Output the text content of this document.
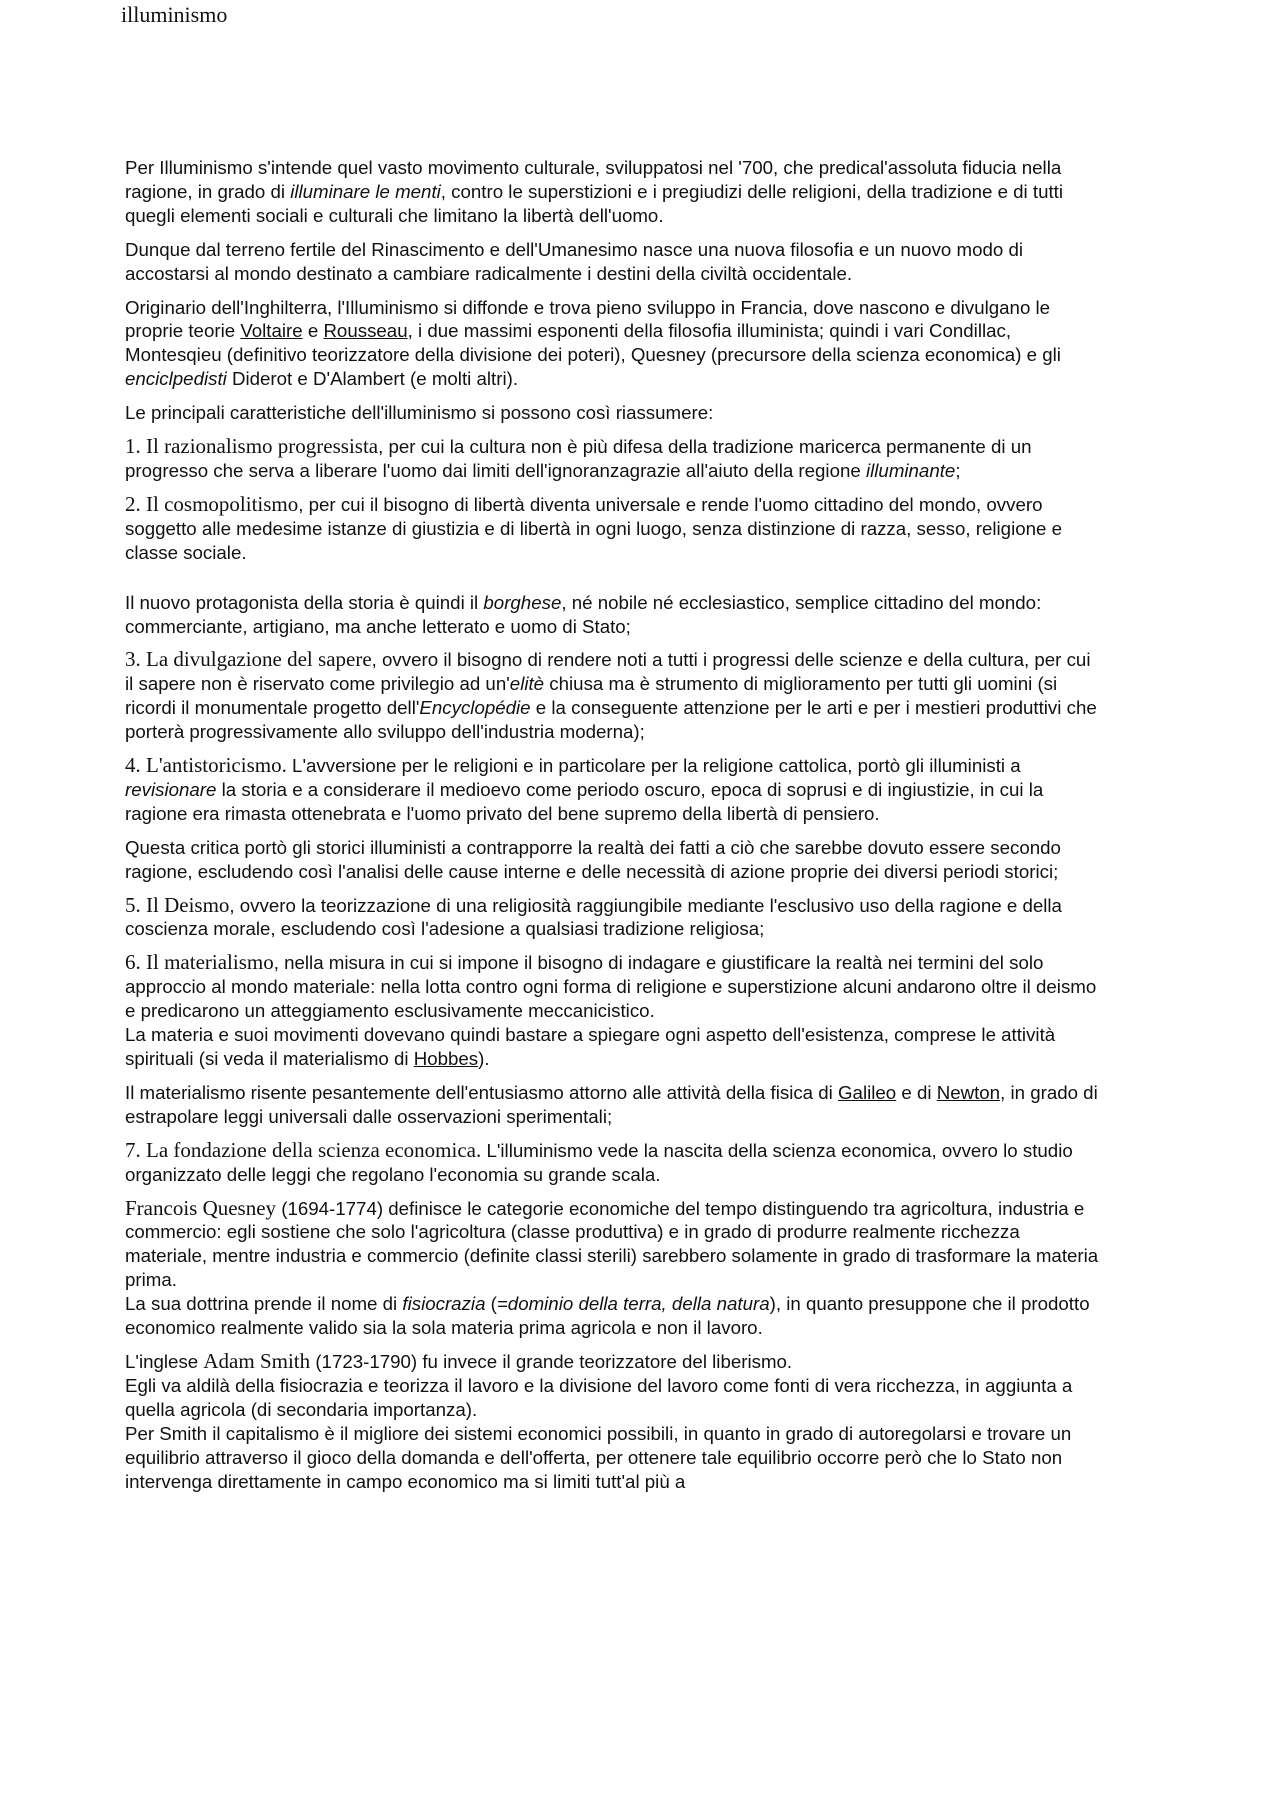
illuminismo

Per Illuminismo s'intende quel vasto movimento culturale, sviluppatosi nel '700, che predical'assoluta fiducia nella ragione, in grado di illuminare le menti, contro le superstizioni e i pregiudizi delle religioni, della tradizione e di tutti quegli elementi sociali e culturali che limitano la libertà dell'uomo.

Dunque dal terreno fertile del Rinascimento e dell'Umanesimo nasce una nuova filosofia e un nuovo modo di accostarsi al mondo destinato a cambiare radicalmente i destini della civiltà occidentale.

Originario dell'Inghilterra, l'Illuminismo si diffonde e trova pieno sviluppo in Francia, dove nascono e divulgano le proprie teorie Voltaire e Rousseau, i due massimi esponenti della filosofia illuminista; quindi i vari Condillac, Montesqieu (definitivo teorizzatore della divisione dei poteri), Quesney (precursore della scienza economica) e gli enciclpedisti Diderot e D'Alambert (e molti altri).

Le principali caratteristiche dell'illuminismo si possono così riassumere:

1. Il razionalismo progressista, per cui la cultura non è più difesa della tradizione maricerca permanente di un progresso che serva a liberare l'uomo dai limiti dell'ignoranzagrazie all'aiuto della regione illuminante;

2. Il cosmopolitismo, per cui il bisogno di libertà diventa universale e rende l'uomo cittadino del mondo, ovvero soggetto alle medesime istanze di giustizia e di libertà in ogni luogo, senza distinzione di razza, sesso, religione e classe sociale.

Il nuovo protagonista della storia è quindi il borghese, né nobile né ecclesiastico, semplice cittadino del mondo: commerciante, artigiano, ma anche letterato e uomo di Stato;

3. La divulgazione del sapere, ovvero il bisogno di rendere noti a tutti i progressi delle scienze e della cultura, per cui il sapere non è riservato come privilegio ad un'elitè chiusa ma è strumento di miglioramento per tutti gli uomini (si ricordi il monumentale progetto dell'Encyclopédie e la conseguente attenzione per le arti e per i mestieri produttivi che porterà progressivamente allo sviluppo dell'industria moderna);

4. L'antistoricismo. L'avversione per le religioni e in particolare per la religione cattolica, portò gli illuministi a revisionare la storia e a considerare il medioevo come periodo oscuro, epoca di soprusi e di ingiustizie, in cui la ragione era rimasta ottenebrata e l'uomo privato del bene supremo della libertà di pensiero.

Questa critica portò gli storici illuministi a contrapporre la realtà dei fatti a ciò che sarebbe dovuto essere secondo ragione, escludendo così l'analisi delle cause interne e delle necessità di azione proprie dei diversi periodi storici;

5. Il Deismo, ovvero la teorizzazione di una religiosità raggiungibile mediante l'esclusivo uso della ragione e della coscienza morale, escludendo così l'adesione a qualsiasi tradizione religiosa;

6. Il materialismo, nella misura in cui si impone il bisogno di indagare e giustificare la realtà nei termini del solo approccio al mondo materiale: nella lotta contro ogni forma di religione e superstizione alcuni andarono oltre il deismo e predicarono un atteggiamento esclusivamente meccanicistico.
La materia e suoi movimenti dovevano quindi bastare a spiegare ogni aspetto dell'esistenza, comprese le attività spirituali (si veda il materialismo di Hobbes).

Il materialismo risente pesantemente dell'entusiasmo attorno alle attività della fisica di Galileo e di Newton, in grado di estrapolare leggi universali dalle osservazioni sperimentali;

7. La fondazione della scienza economica. L'illuminismo vede la nascita della scienza economica, ovvero lo studio organizzato delle leggi che regolano l'economia su grande scala.

Francois Quesney (1694-1774) definisce le categorie economiche del tempo distinguendo tra agricoltura, industria e commercio: egli sostiene che solo l'agricoltura (classe produttiva) e in grado di produrre realmente ricchezza materiale, mentre industria e commercio (definite classi sterili) sarebbero solamente in grado di trasformare la materia prima.
La sua dottrina prende il nome di fisiocrazia (=dominio della terra, della natura), in quanto presuppone che il prodotto economico realmente valido sia la sola materia prima agricola e non il lavoro.

L'inglese Adam Smith (1723-1790) fu invece il grande teorizzatore del liberismo.
Egli va aldilà della fisiocrazia e teorizza il lavoro e la divisione del lavoro come fonti di vera ricchezza, in aggiunta a quella agricola (di secondaria importanza).
Per Smith il capitalismo è il migliore dei sistemi economici possibili, in quanto in grado di autoregolarsi e trovare un equilibrio attraverso il gioco della domanda e dell'offerta, per ottenere tale equilibrio occorre però che lo Stato non intervenga direttamente in campo economico ma si limiti tutt'al più a
